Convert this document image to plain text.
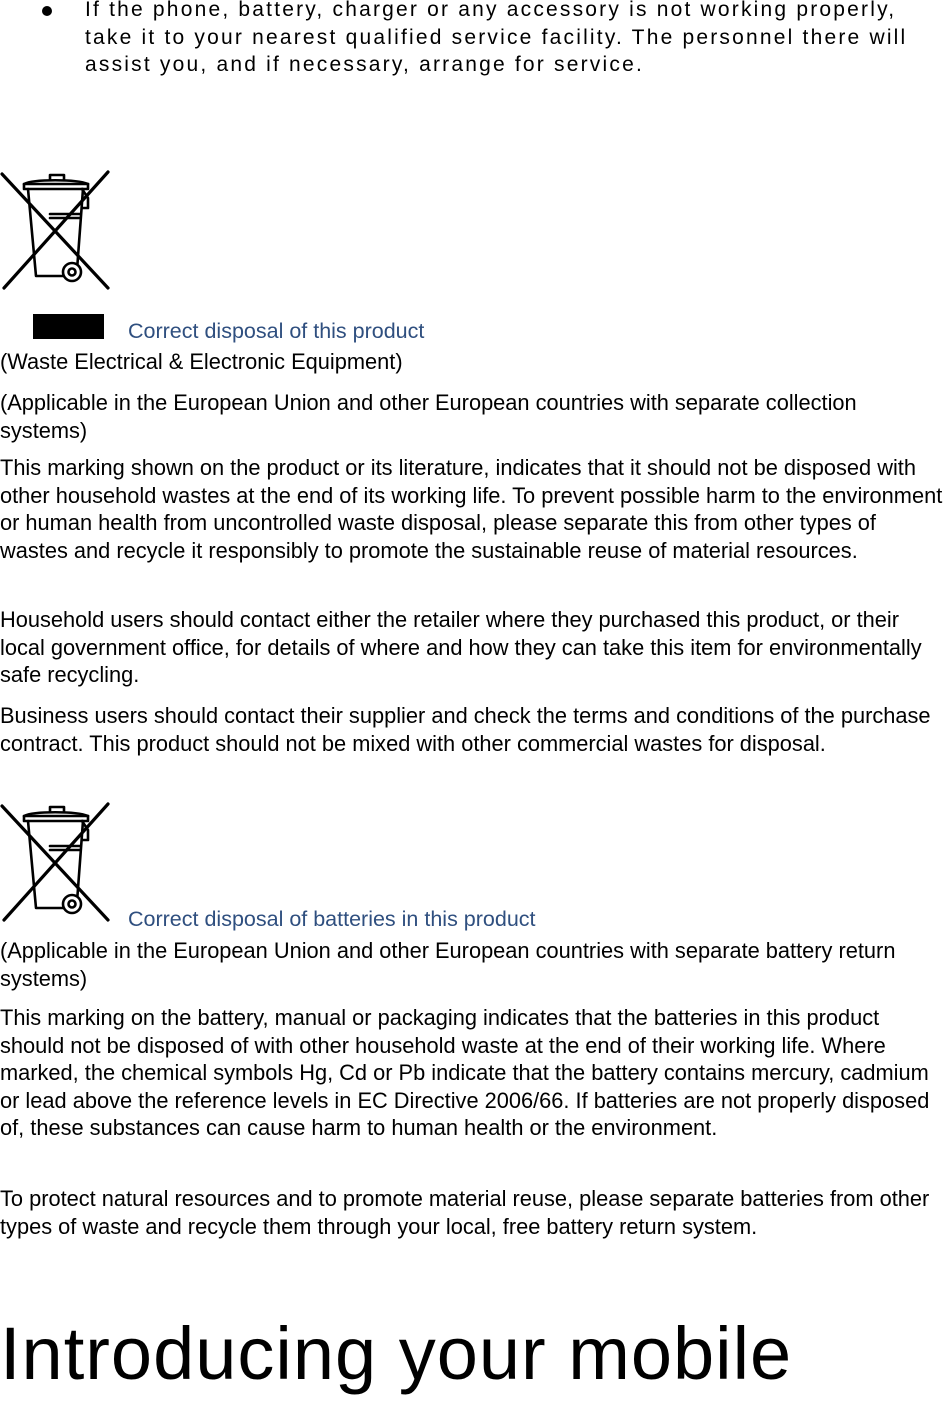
If the phone, battery, charger or any accessory is not working properly, take it to your nearest qualified service facility. The personnel there will assist you, and if necessary, arrange for service.
Correct disposal of this product
(Waste Electrical & Electronic Equipment)
(Applicable in the European Union and other European countries with separate collection systems)
This marking shown on the product or its literature, indicates that it should not be disposed with other household wastes at the end of its working life. To prevent possible harm to the environment or human health from uncontrolled waste disposal, please separate this from other types of wastes and recycle it responsibly to promote the sustainable reuse of material resources.
Household users should contact either the retailer where they purchased this product, or their local government office, for details of where and how they can take this item for environmentally safe recycling.
Business users should contact their supplier and check the terms and conditions of the purchase contract. This product should not be mixed with other commercial wastes for disposal.
Correct disposal of batteries in this product
(Applicable in the European Union and other European countries with separate battery return systems)
This marking on the battery, manual or packaging indicates that the batteries in this product should not be disposed of with other household waste at the end of their working life. Where marked, the chemical symbols Hg, Cd or Pb indicate that the battery contains mercury, cadmium or lead above the reference levels in EC Directive 2006/66. If batteries are not properly disposed of, these substances can cause harm to human health or the environment.
To protect natural resources and to promote material reuse, please separate batteries from other types of waste and recycle them through your local, free battery return system.
Introducing your mobile
